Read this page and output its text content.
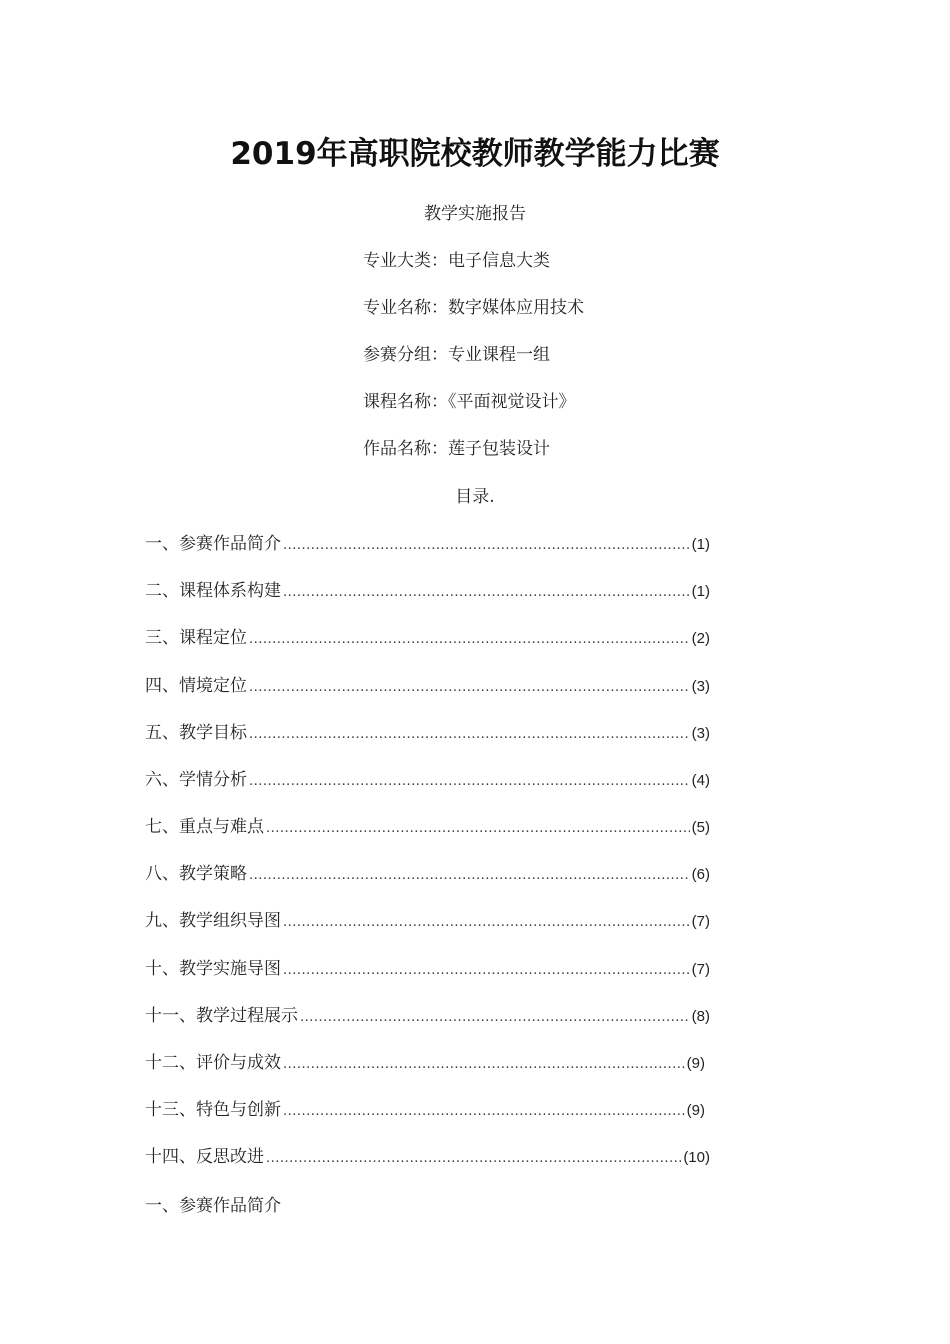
2019年高职院校教师教学能力比赛
教学实施报告
专业大类：电子信息大类
专业名称：数字媒体应用技术
参赛分组：专业课程一组
课程名称：《平面视觉设计》
作品名称：莲子包装设计
目录.
一、参赛作品简介 .....	(1)
二、课程体系构建 .....	(1)
三、课程定位 .....	(2)
四、情境定位 .....	(3)
五、教学目标 .....	(3)
六、学情分析 .....	(4)
七、重点与难点 .....	(5)
八、教学策略 .....	(6)
九、教学组织导图 .....	(7)
十、教学实施导图 .....	(7)
十一、教学过程展示 .....	(8)
十二、评价与成效 .....	(9)
十三、特色与创新 .....	(9)
十四、反思改进 .....	(10)
一、参赛作品简介
